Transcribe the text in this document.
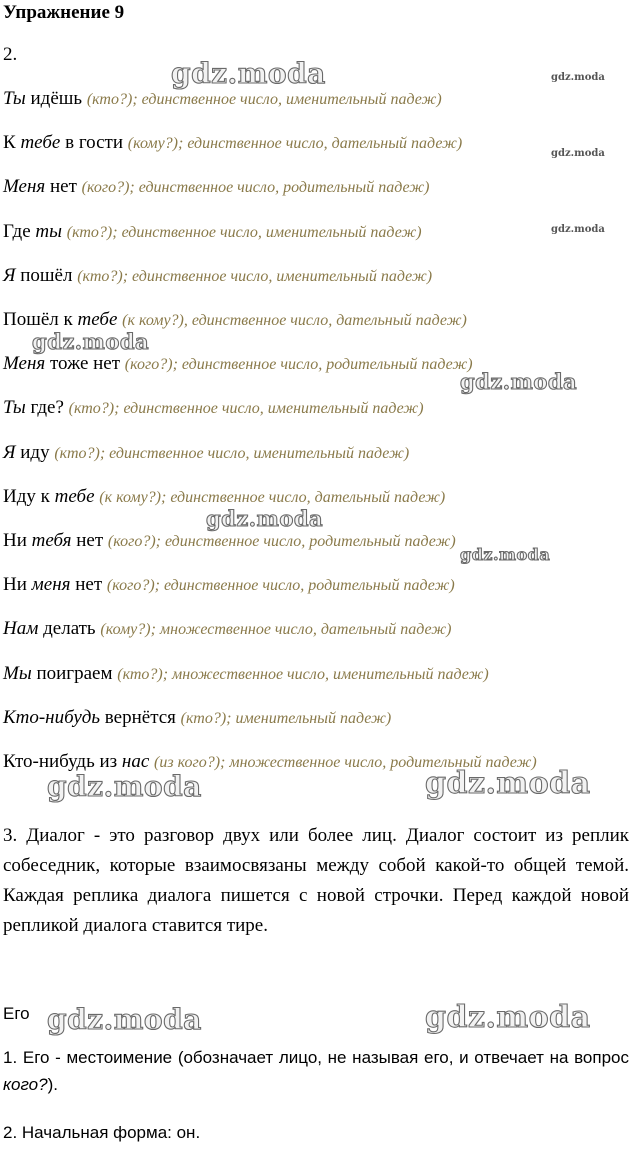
Упражнение 9
2.
Ты идёшь (кто?); единственное число, именительный падеж)
К тебе в гости (кому?); единственное число, дательный падеж)
Меня нет (кого?); единственное число, родительный падеж)
Где ты (кто?); единственное число, именительный падеж)
Я пошёл (кто?); единственное число, именительный падеж)
Пошёл к тебе (к кому?), единственное число, дательный падеж)
Меня тоже нет (кого?); единственное число, родительный падеж)
Ты где? (кто?); единственное число, именительный падеж)
Я иду (кто?); единственное число, именительный падеж)
Иду к тебе (к кому?); единственное число, дательный падеж)
Ни тебя нет (кого?); единственное число, родительный падеж)
Ни меня нет (кого?); единственное число, родительный падеж)
Нам делать (кому?); множественное число, дательный падеж)
Мы поиграем (кто?); множественное число, именительный падеж)
Кто-нибудь вернётся (кто?); именительный падеж)
Кто-нибудь из нас (из кого?); множественное число, родительный падеж)
3. Диалог - это разговор двух или более лиц. Диалог состоит из реплик собеседник, которые взаимосвязаны между собой какой-то общей темой. Каждая реплика диалога пишется с новой строчки. Перед каждой новой репликой диалога ставится тире.
Его
1. Его - местоимение (обозначает лицо, не называя его, и отвечает на вопрос кого?).
2. Начальная форма: он.
gdz.moda	gdz.moda
gdz.moda
gdz.moda
gdz.moda
gdz.moda
gdz.moda
gdz.moda
gdz.moda	gdz.moda
gdz.moda	gdz.moda
